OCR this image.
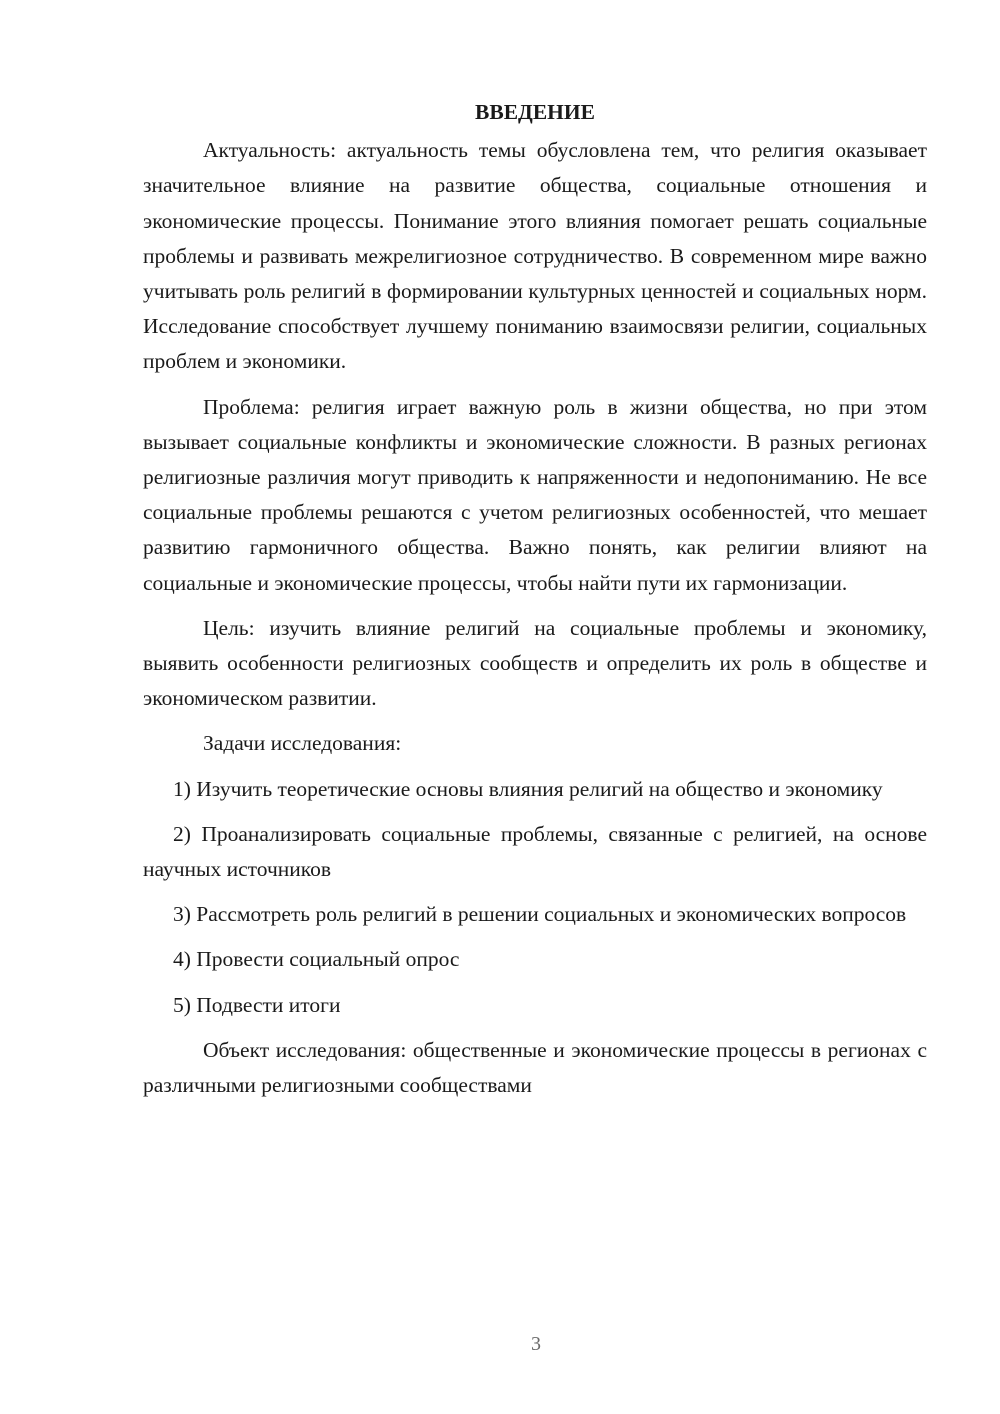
ВВЕДЕНИЕ

Актуальность: актуальность темы обусловлена тем, что религия оказывает значительное влияние на развитие общества, социальные отношения и экономические процессы. Понимание этого влияния помогает решать социальные проблемы и развивать межрелигиозное сотрудничество. В современном мире важно учитывать роль религий в формировании культурных ценностей и социальных норм. Исследование способствует лучшему пониманию взаимосвязи религии, социальных проблем и экономики.

Проблема: религия играет важную роль в жизни общества, но при этом вызывает социальные конфликты и экономические сложности. В разных регионах религиозные различия могут приводить к напряженности и недопониманию. Не все социальные проблемы решаются с учетом религиозных особенностей, что мешает развитию гармоничного общества. Важно понять, как религии влияют на социальные и экономические процессы, чтобы найти пути их гармонизации.

Цель: изучить влияние религий на социальные проблемы и экономику, выявить особенности религиозных сообществ и определить их роль в обществе и экономическом развитии.

Задачи исследования:

1) Изучить теоретические основы влияния религий на общество и экономику

2) Проанализировать социальные проблемы, связанные с религией, на основе научных источников

3) Рассмотреть роль религий в решении социальных и экономических вопросов

4) Провести социальный опрос

5) Подвести итоги

Объект исследования: общественные и экономические процессы в регионах с различными религиозными сообществами

3
